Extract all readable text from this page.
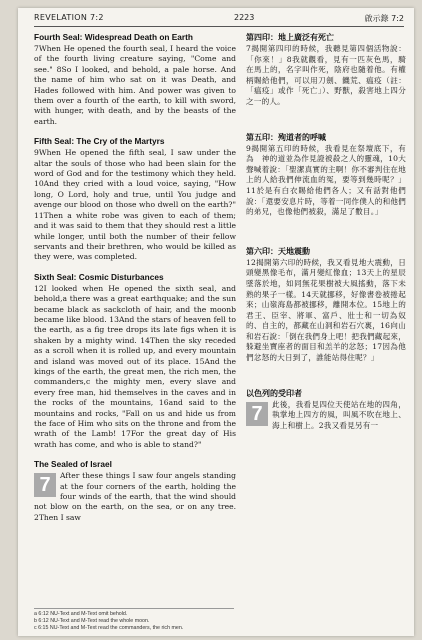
REVELATION 7:2	2223	啟示錄 7:2

Fourth Seal: Widespread Death on Earth

7When He opened the fourth seal, I heard the voice of the fourth living creature saying, "Come and see." 8So I looked, and behold, a pale horse. And the name of him who sat on it was Death, and Hades followed with him. And power was given to them over a fourth of the earth, to kill with sword, with hunger, with death, and by the beasts of the earth.

Fifth Seal: The Cry of the Martyrs

9When He opened the fifth seal, I saw under the altar the souls of those who had been slain for the word of God and for the testimony which they held. 10And they cried with a loud voice, saying, "How long, O Lord, holy and true, until You judge and avenge our blood on those who dwell on the earth?" 11Then a white robe was given to each of them; and it was said to them that they should rest a little while longer, until both the number of their fellow servants and their brethren, who would be killed as they were, was completed.

Sixth Seal: Cosmic Disturbances

12I looked when He opened the sixth seal, and behold,a there was a great earthquake; and the sun became black as sackcloth of hair, and the moonb became like blood. 13And the stars of heaven fell to the earth, as a fig tree drops its late figs when it is shaken by a mighty wind. 14Then the sky receded as a scroll when it is rolled up, and every mountain and island was moved out of its place. 15And the kings of the earth, the great men, the rich men, the commanders,c the mighty men, every slave and every free man, hid themselves in the caves and in the rocks of the mountains, 16and said to the mountains and rocks, "Fall on us and hide us from the face of Him who sits on the throne and from the wrath of the Lamb! 17For the great day of His wrath has come, and who is able to stand?"

The Sealed of Israel

7	After these things I saw four angels standing at the four corners of the earth, holding the four winds of the earth, that the wind should not blow on the earth, on the sea, or on any tree. 2Then I saw

a 6:12 NU-Text and M-Text omit behold.
b 6:12 NU-Text and M-Text read the whole moon.
c 6:15 NU-Text and M-Text read the commanders, the rich men.

第四印：地上廣泛有死亡

7揭開第四印的時候，我聽見第四個活物說：「你來！」8我就觀看，見有一匹灰色馬，騎在馬上的，名字叫作死，陰府也隨着他。有權柄賜給他們，可以用刀劍、饑荒、瘟疫（註：「瘟疫」或作「死亡」）、野獸，殺害地上四分之一的人。

第五印：殉道者的呼喊

9揭開第五印的時候，我看見在祭壇底下，有為　神的道並為作見證被殺之人的靈魂，10大聲喊着說：「聖潔真實的主啊！你不審判住在地上的人給我們伸流血的冤，要等到幾時呢？」11於是有白衣賜給他們各人；又有話對他們說：「還要安息片時，等着一同作僕人的和他們的弟兄，也像他們被殺，滿足了數目。」

第六印：天地震動

12揭開第六印的時候，我又看見地大震動，日頭變黑像毛布，滿月變紅像血；13天上的星辰墜落於地，如同無花果樹被大風搖動，落下未熟的果子一樣。14天就挪移，好像書卷被捲起來；山嶺海島都被挪移，離開本位。15地上的君王、臣宰、將軍、富戶、壯士和一切為奴的、自主的，都藏在山洞和岩石穴裏，16向山和岩石說：「倒在我們身上吧！把我們藏起來，躲避坐寶座者的面目和羔羊的忿怒；17因為他們忿怒的大日到了，誰能站得住呢？」

以色列的受印者

7	此後，我看見四位天使站在地的四角，執掌地上四方的風，叫風不吹在地上、海上和樹上。2我又看見另有一
